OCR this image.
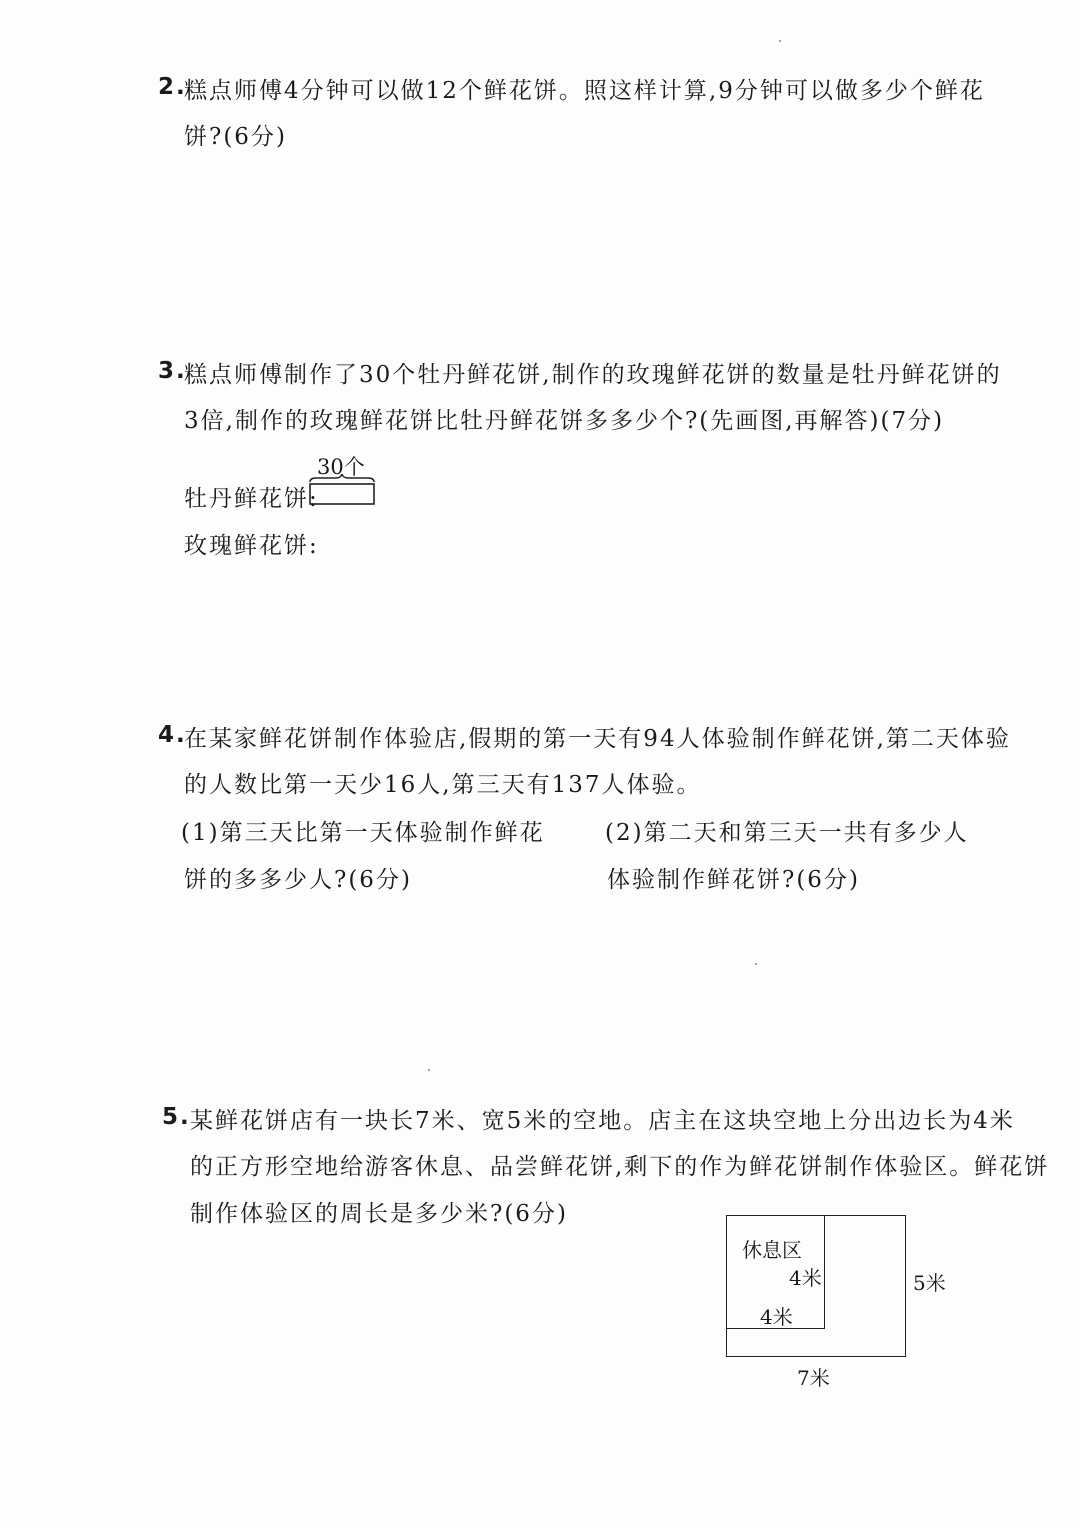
2.
糕点师傅4分钟可以做12个鲜花饼。照这样计算,9分钟可以做多少个鲜花
饼?(6分)
3.
糕点师傅制作了30个牡丹鲜花饼,制作的玫瑰鲜花饼的数量是牡丹鲜花饼的
3倍,制作的玫瑰鲜花饼比牡丹鲜花饼多多少个?(先画图,再解答)(7分)
30个
牡丹鲜花饼:
玫瑰鲜花饼:
4.
在某家鲜花饼制作体验店,假期的第一天有94人体验制作鲜花饼,第二天体验
的人数比第一天少16人,第三天有137人体验。
(1)第三天比第一天体验制作鲜花
饼的多多少人?(6分)
(2)第二天和第三天一共有多少人
体验制作鲜花饼?(6分)
5. 某鲜花饼店有一块长7米、宽5米的空地。店主在这块空地上分出边长为4米
的正方形空地给游客休息、品尝鲜花饼,剩下的作为鲜花饼制作体验区。鲜花饼
制作体验区的周长是多少米?(6分)
休息区
4米
4米
5米
7米
